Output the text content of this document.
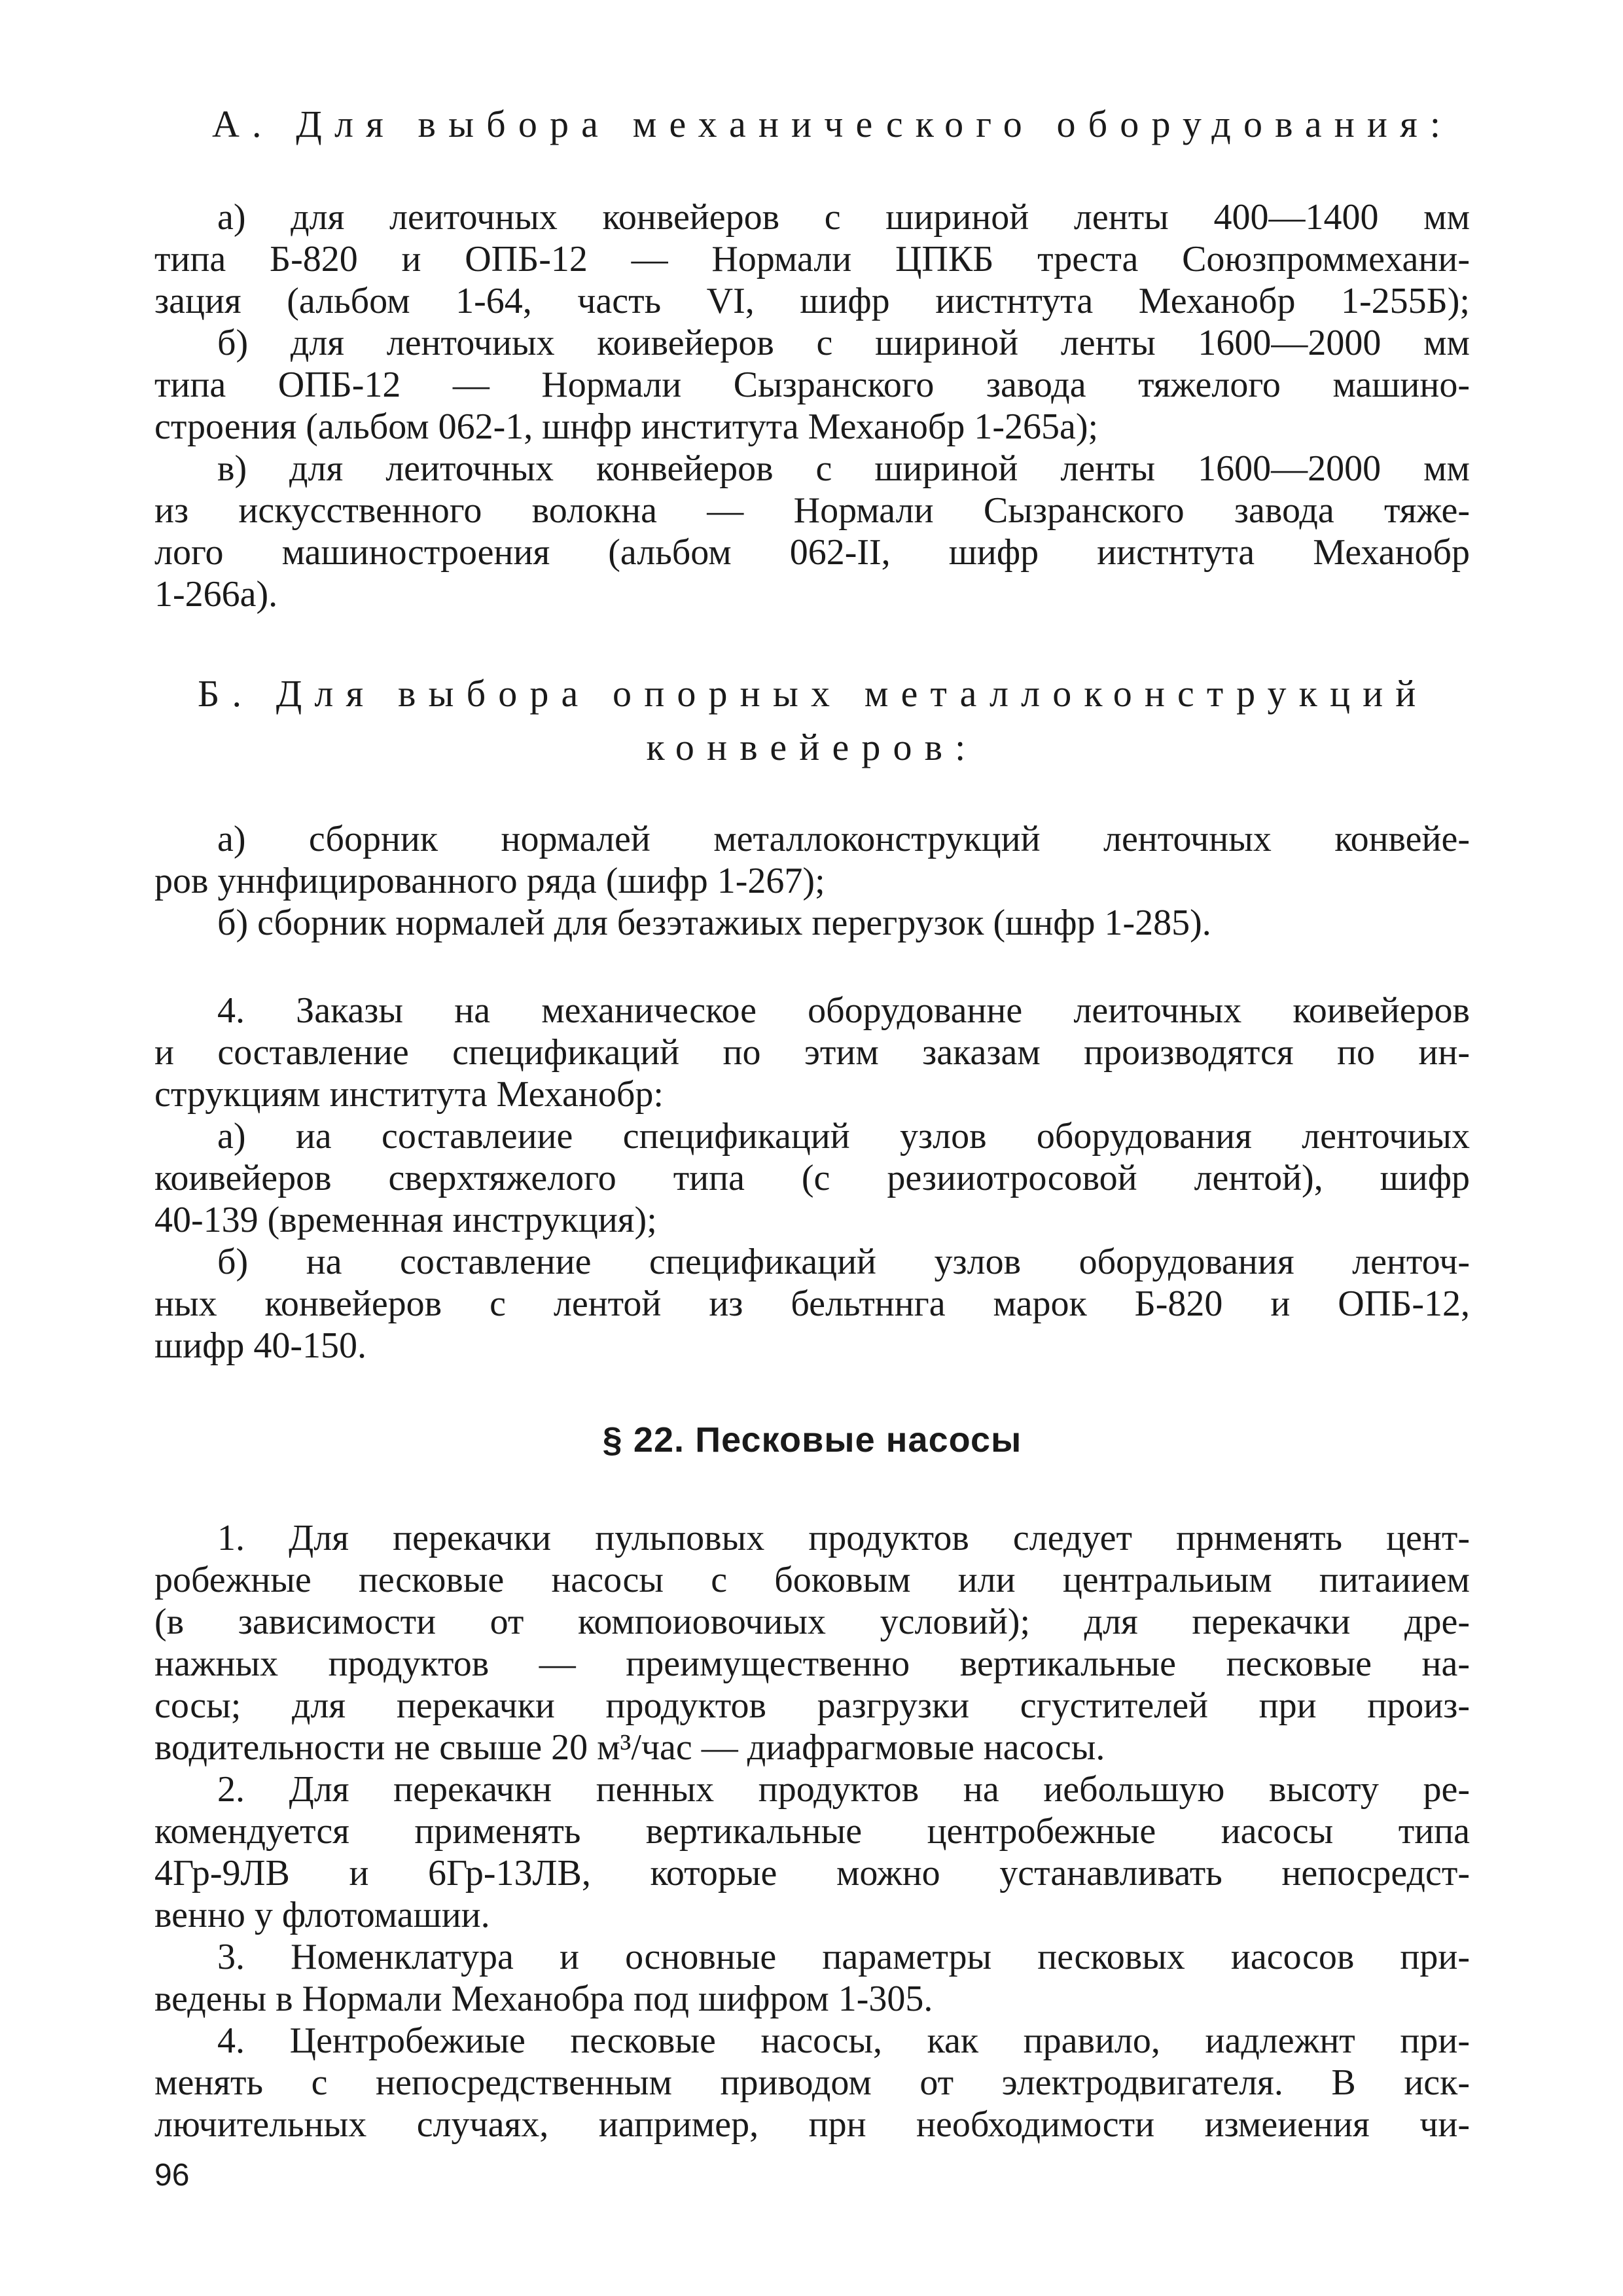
А. Для выбора механического оборудования:
а) для леиточных конвейеров с шириной ленты 400—1400 мм
типа Б-820 и ОПБ-12 — Нормали ЦПКБ треста Союзпроммехани-
зация (альбом 1-64, часть VI, шифр иистнтута Механобр 1-255Б);
б) для ленточиых коивейеров с шириной ленты 1600—2000 мм
типа ОПБ-12 — Нормали Сызранского завода тяжелого машино-
строения (альбом 062-1, шнфр института Механобр 1-265а);
в) для леиточных конвейеров с шириной ленты 1600—2000 мм
из искусственного волокна — Нормали Сызранского завода тяже-
лого машиностроения (альбом 062-II, шифр иистнтута Механобр
1-266а).
Б. Для выбора опорных металлоконструкций
конвейеров:
а) сборник нормалей металлоконструкций ленточных конвейе-
ров уннфицированного ряда (шифр 1-267);
б) сборник нормалей для безэтажиых перегрузок (шнфр 1-285).
4. Заказы на механическое оборудованне леиточных коивейеров
и составление спецификаций по этим заказам производятся по ин-
струкциям института Механобр:
а) иа составлеиие спецификаций узлов оборудования ленточиых
коивейеров сверхтяжелого типа (с резииотросовой лентой), шифр
40-139 (временная инструкция);
б) на составление спецификаций узлов оборудования ленточ-
ных конвейеров с лентой из бельтннга марок Б-820 и ОПБ-12,
шифр 40-150.
§ 22. Песковые насосы
1. Для перекачки пульповых продуктов следует прнменять цент-
робежные песковые насосы с боковым или центральиым питаиием
(в зависимости от компоиовочиых условий); для перекачки дре-
нажных продуктов — преимущественно вертикальные песковые на-
сосы; для перекачки продуктов разгрузки сгустителей при произ-
водительности не свыше 20 м³/час — диафрагмовые насосы.
2. Для перекачкн пенных продуктов на иебольшую высоту ре-
комендуется применять вертикальные центробежные иасосы типа
4Гр-9ЛВ и 6Гр-13ЛВ, которые можно устанавливать непосредст-
венно у флотомашии.
3. Номенклатура и основные параметры песковых иасосов при-
ведены в Нормали Механобра под шифром 1-305.
4. Центробежиые песковые насосы, как правило, иадлежнт при-
менять с непосредственным приводом от электродвигателя. В иск-
лючительных случаях, иапример, прн необходимости измеиения чи-
96
